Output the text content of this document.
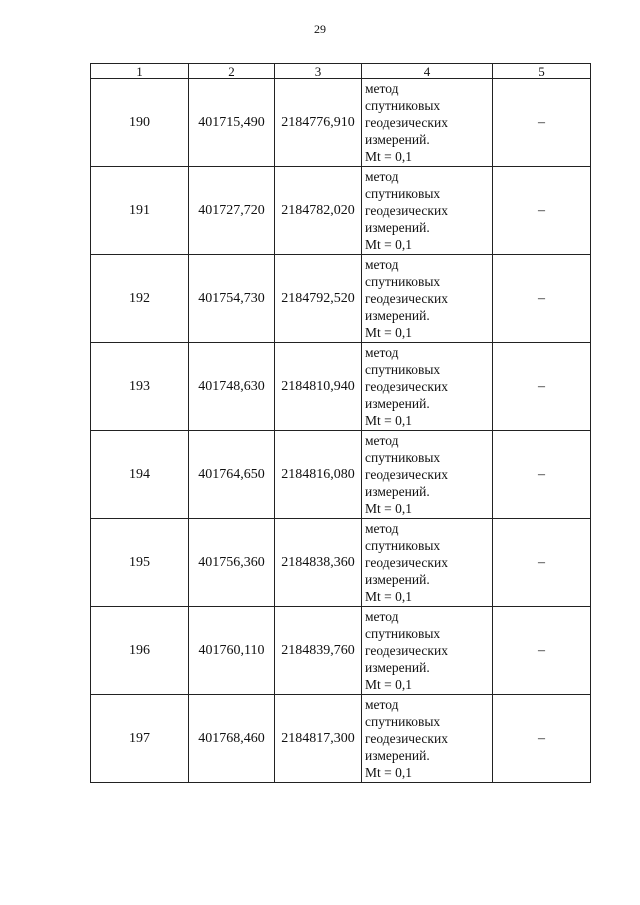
29
1	2	3	4	5
190	401715,490	2184776,910	метод
спутниковых
геодезических
измерений.
Mt = 0,1	–
191	401727,720	2184782,020	метод
спутниковых
геодезических
измерений.
Mt = 0,1	–
192	401754,730	2184792,520	метод
спутниковых
геодезических
измерений.
Mt = 0,1	–
193	401748,630	2184810,940	метод
спутниковых
геодезических
измерений.
Mt = 0,1	–
194	401764,650	2184816,080	метод
спутниковых
геодезических
измерений.
Mt = 0,1	–
195	401756,360	2184838,360	метод
спутниковых
геодезических
измерений.
Mt = 0,1	–
196	401760,110	2184839,760	метод
спутниковых
геодезических
измерений.
Mt = 0,1	–
197	401768,460	2184817,300	метод
спутниковых
геодезических
измерений.
Mt = 0,1	–
